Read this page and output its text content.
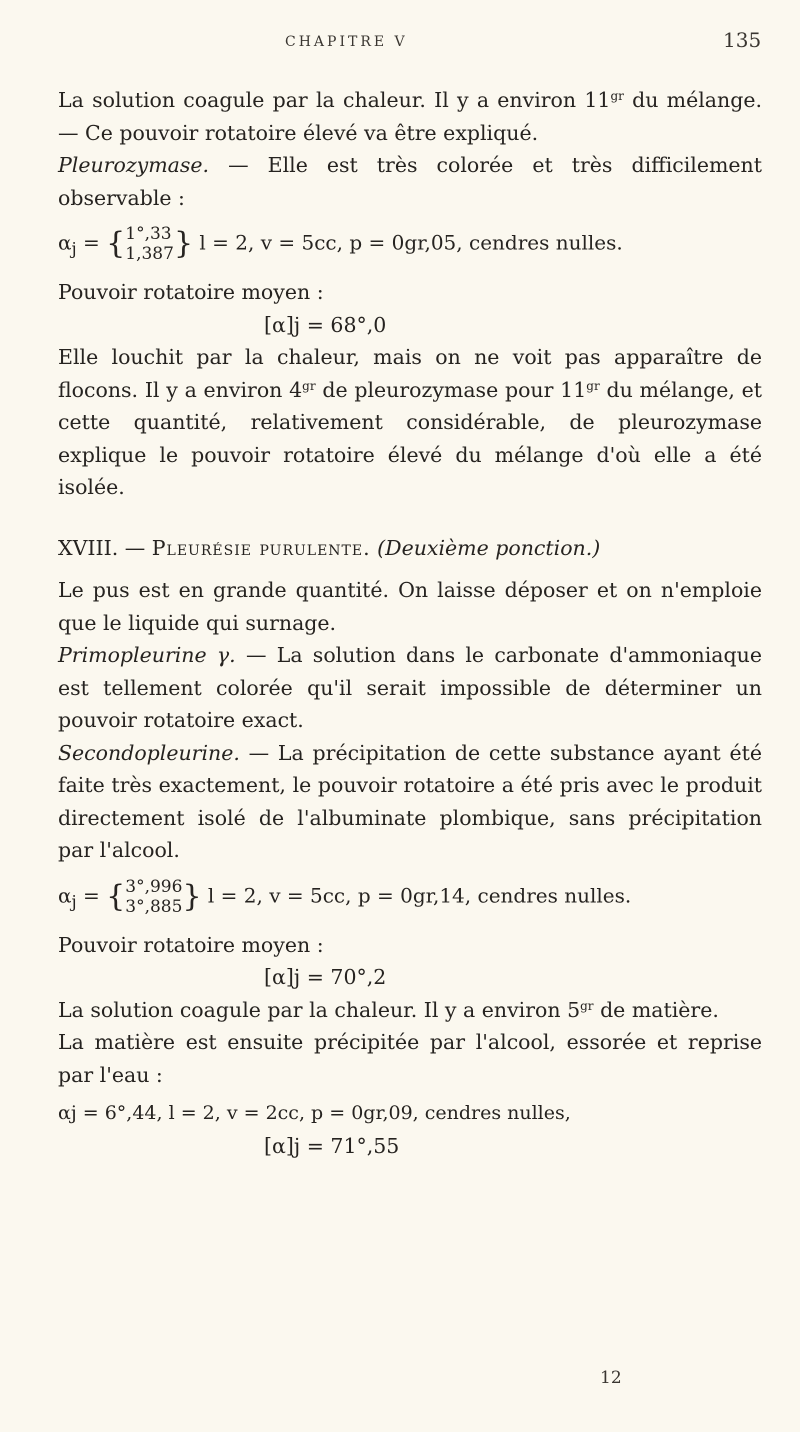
CHAPITRE V	135

La solution coagule par la chaleur. Il y a environ $11^{gr}$ du mélange. — Ce pouvoir rotatoire élevé va être expliqué.

Pleurozymase. — Elle est très colorée et très difficilement observable :

$\alpha_j = \{1^\circ,33$
1,387} l = 2, v = 5cc, p = 0gr,05, cendres nulles.

Pouvoir rotatoire moyen :

[α]j = 68°,0

Elle louchit par la chaleur, mais on ne voit pas apparaître de flocons. Il y a environ $4^{gr}$ de pleurozymase pour $11^{gr}$ du mélange, et cette quantité, relativement considérable, de pleurozymase explique le pouvoir rotatoire élevé du mélange d'où elle a été isolée.

XVIII. — Pleurésie purulente. (Deuxième ponction.)

Le pus est en grande quantité. On laisse déposer et on n'emploie que le liquide qui surnage.

Primopleurine γ. — La solution dans le carbonate d'ammoniaque est tellement colorée qu'il serait impossible de déterminer un pouvoir rotatoire exact.

Secondopleurine. — La précipitation de cette substance ayant été faite très exactement, le pouvoir rotatoire a été pris avec le produit directement isolé de l'albuminate plombique, sans précipitation par l'alcool.

$\alpha_j = \{3^\circ,996$
3°,885} l = 2, v = 5cc, p = 0gr,14, cendres nulles.

Pouvoir rotatoire moyen :

[α]j = 70°,2

La solution coagule par la chaleur. Il y a environ $5^{gr}$ de matière.

La matière est ensuite précipitée par l'alcool, essorée et reprise par l'eau :

αj = 6°,44, l = 2, v = 2cc, p = 0gr,09, cendres nulles,
[α]j = 71°,55
12
